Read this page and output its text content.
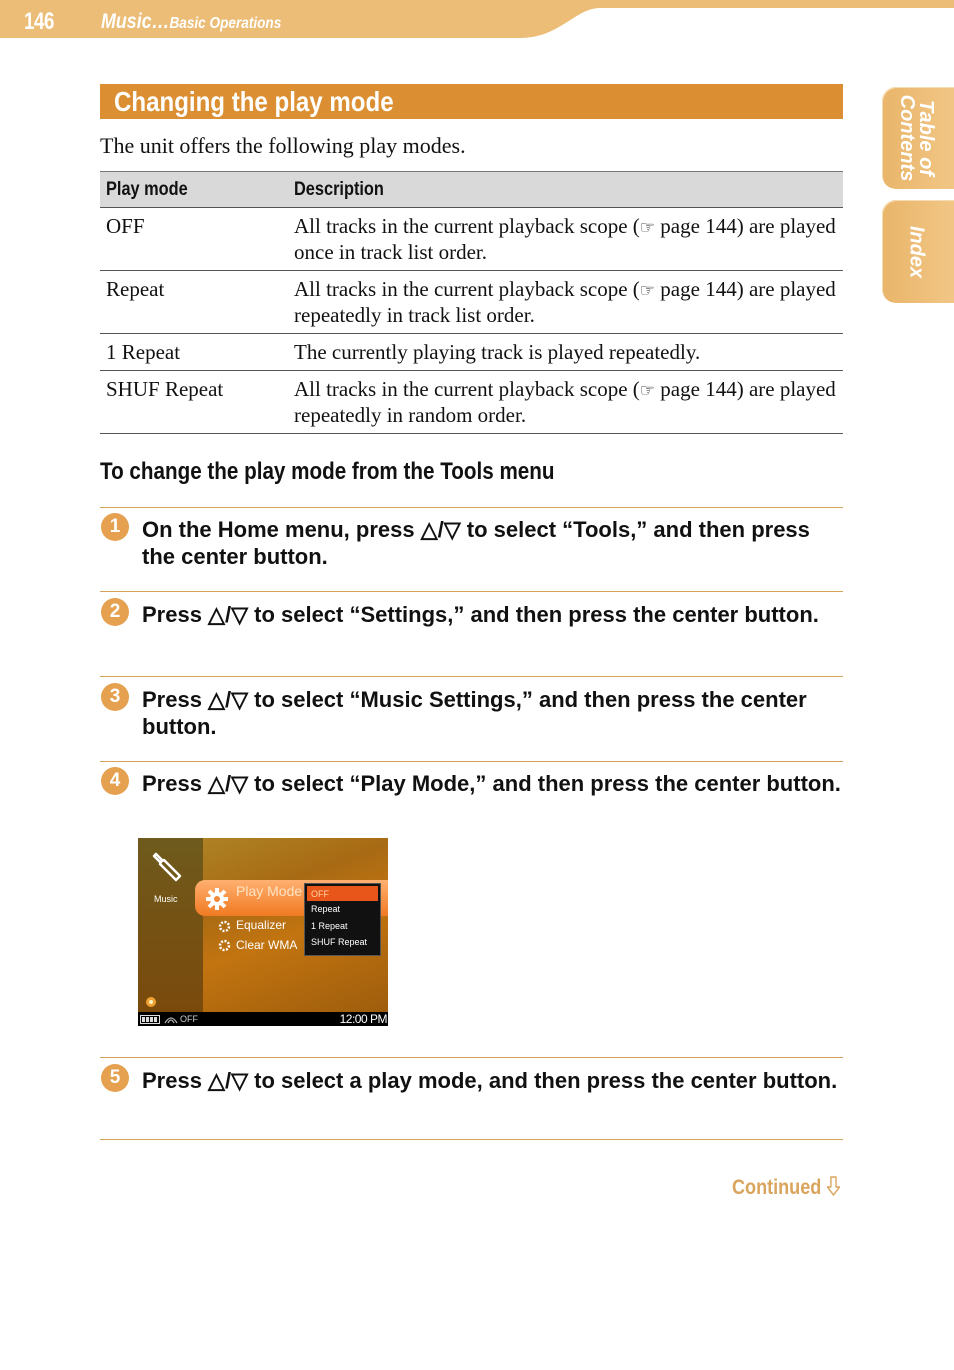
146 Music…Basic Operations
Table of
Contents
Index
Changing the play mode
The unit offers the following play modes.
Play mode	Description
OFF	All tracks in the current playback scope (☞ page 144) are played once in track list order.
Repeat	All tracks in the current playback scope (☞ page 144) are played repeatedly in track list order.
1 Repeat	The currently playing track is played repeatedly.
SHUF Repeat	All tracks in the current playback scope (☞ page 144) are played repeatedly in random order.
To change the play mode from the Tools menu
1 On the Home menu, press △/▽ to select “Tools,” and then press the center button.
2 Press △/▽ to select “Settings,” and then press the center button.
3 Press △/▽ to select “Music Settings,” and then press the center button.
4 Press △/▽ to select “Play Mode,” and then press the center button.
Music	Play Mode
Equalizer
Clear WMA
OFF
Repeat
1 Repeat
SHUF Repeat
OFF	12:00 PM
5 Press △/▽ to select a play mode, and then press the center button.
Continued
